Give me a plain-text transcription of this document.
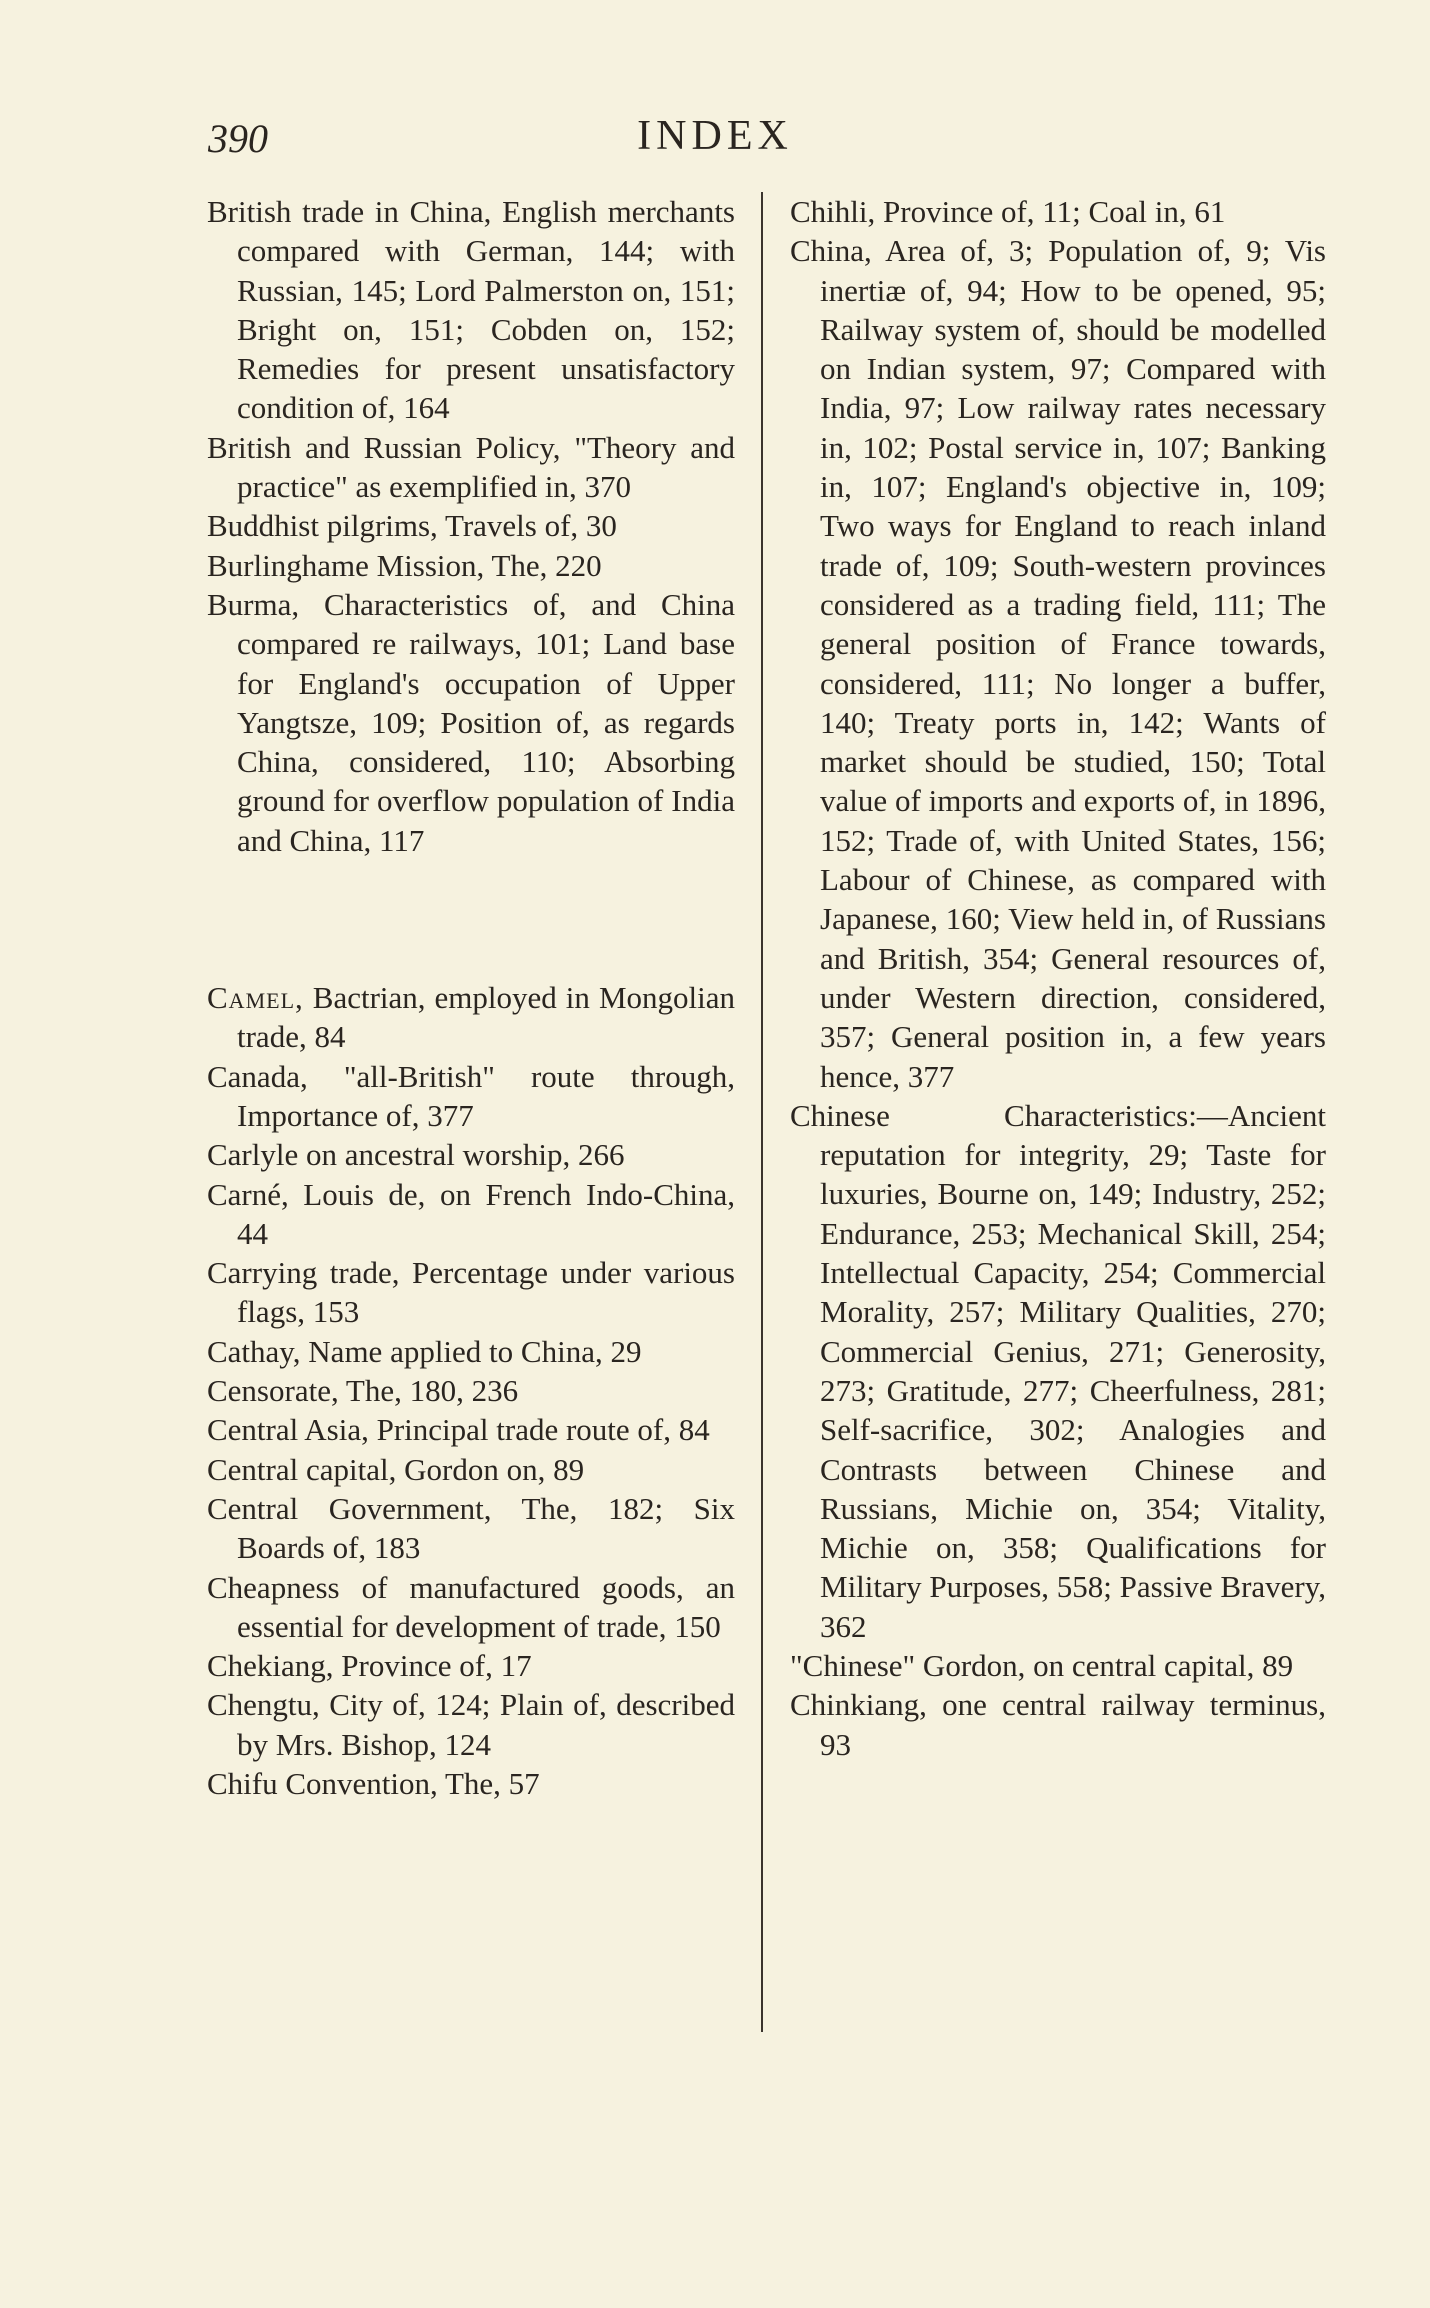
390	INDEX

British trade in China, English merchants compared with German, 144; with Russian, 145; Lord Palmerston on, 151; Bright on, 151; Cobden on, 152; Remedies for present unsatisfactory condition of, 164

British and Russian Policy, "Theory and practice" as exemplified in, 370

Buddhist pilgrims, Travels of, 30

Burlinghame Mission, The, 220

Burma, Characteristics of, and China compared re railways, 101; Land base for England's occupation of Upper Yangtsze, 109; Position of, as regards China, considered, 110; Absorbing ground for overflow population of India and China, 117

Camel, Bactrian, employed in Mongolian trade, 84

Canada, "all-British" route through, Importance of, 377

Carlyle on ancestral worship, 266

Carné, Louis de, on French Indo-China, 44

Carrying trade, Percentage under various flags, 153

Cathay, Name applied to China, 29

Censorate, The, 180, 236

Central Asia, Principal trade route of, 84

Central capital, Gordon on, 89

Central Government, The, 182; Six Boards of, 183

Cheapness of manufactured goods, an essential for development of trade, 150

Chekiang, Province of, 17

Chengtu, City of, 124; Plain of, described by Mrs. Bishop, 124

Chifu Convention, The, 57

Chihli, Province of, 11; Coal in, 61

China, Area of, 3; Population of, 9; Vis inertiæ of, 94; How to be opened, 95; Railway system of, should be modelled on Indian system, 97; Compared with India, 97; Low railway rates necessary in, 102; Postal service in, 107; Banking in, 107; England's objective in, 109; Two ways for England to reach inland trade of, 109; South-western provinces considered as a trading field, 111; The general position of France towards, considered, 111; No longer a buffer, 140; Treaty ports in, 142; Wants of market should be studied, 150; Total value of imports and exports of, in 1896, 152; Trade of, with United States, 156; Labour of Chinese, as compared with Japanese, 160; View held in, of Russians and British, 354; General resources of, under Western direction, considered, 357; General position in, a few years hence, 377

Chinese Characteristics:—Ancient reputation for integrity, 29; Taste for luxuries, Bourne on, 149; Industry, 252; Endurance, 253; Mechanical Skill, 254; Intellectual Capacity, 254; Commercial Morality, 257; Military Qualities, 270; Commercial Genius, 271; Generosity, 273; Gratitude, 277; Cheerfulness, 281; Self-sacrifice, 302; Analogies and Contrasts between Chinese and Russians, Michie on, 354; Vitality, Michie on, 358; Qualifications for Military Purposes, 558; Passive Bravery, 362

"Chinese" Gordon, on central capital, 89

Chinkiang, one central railway terminus, 93
